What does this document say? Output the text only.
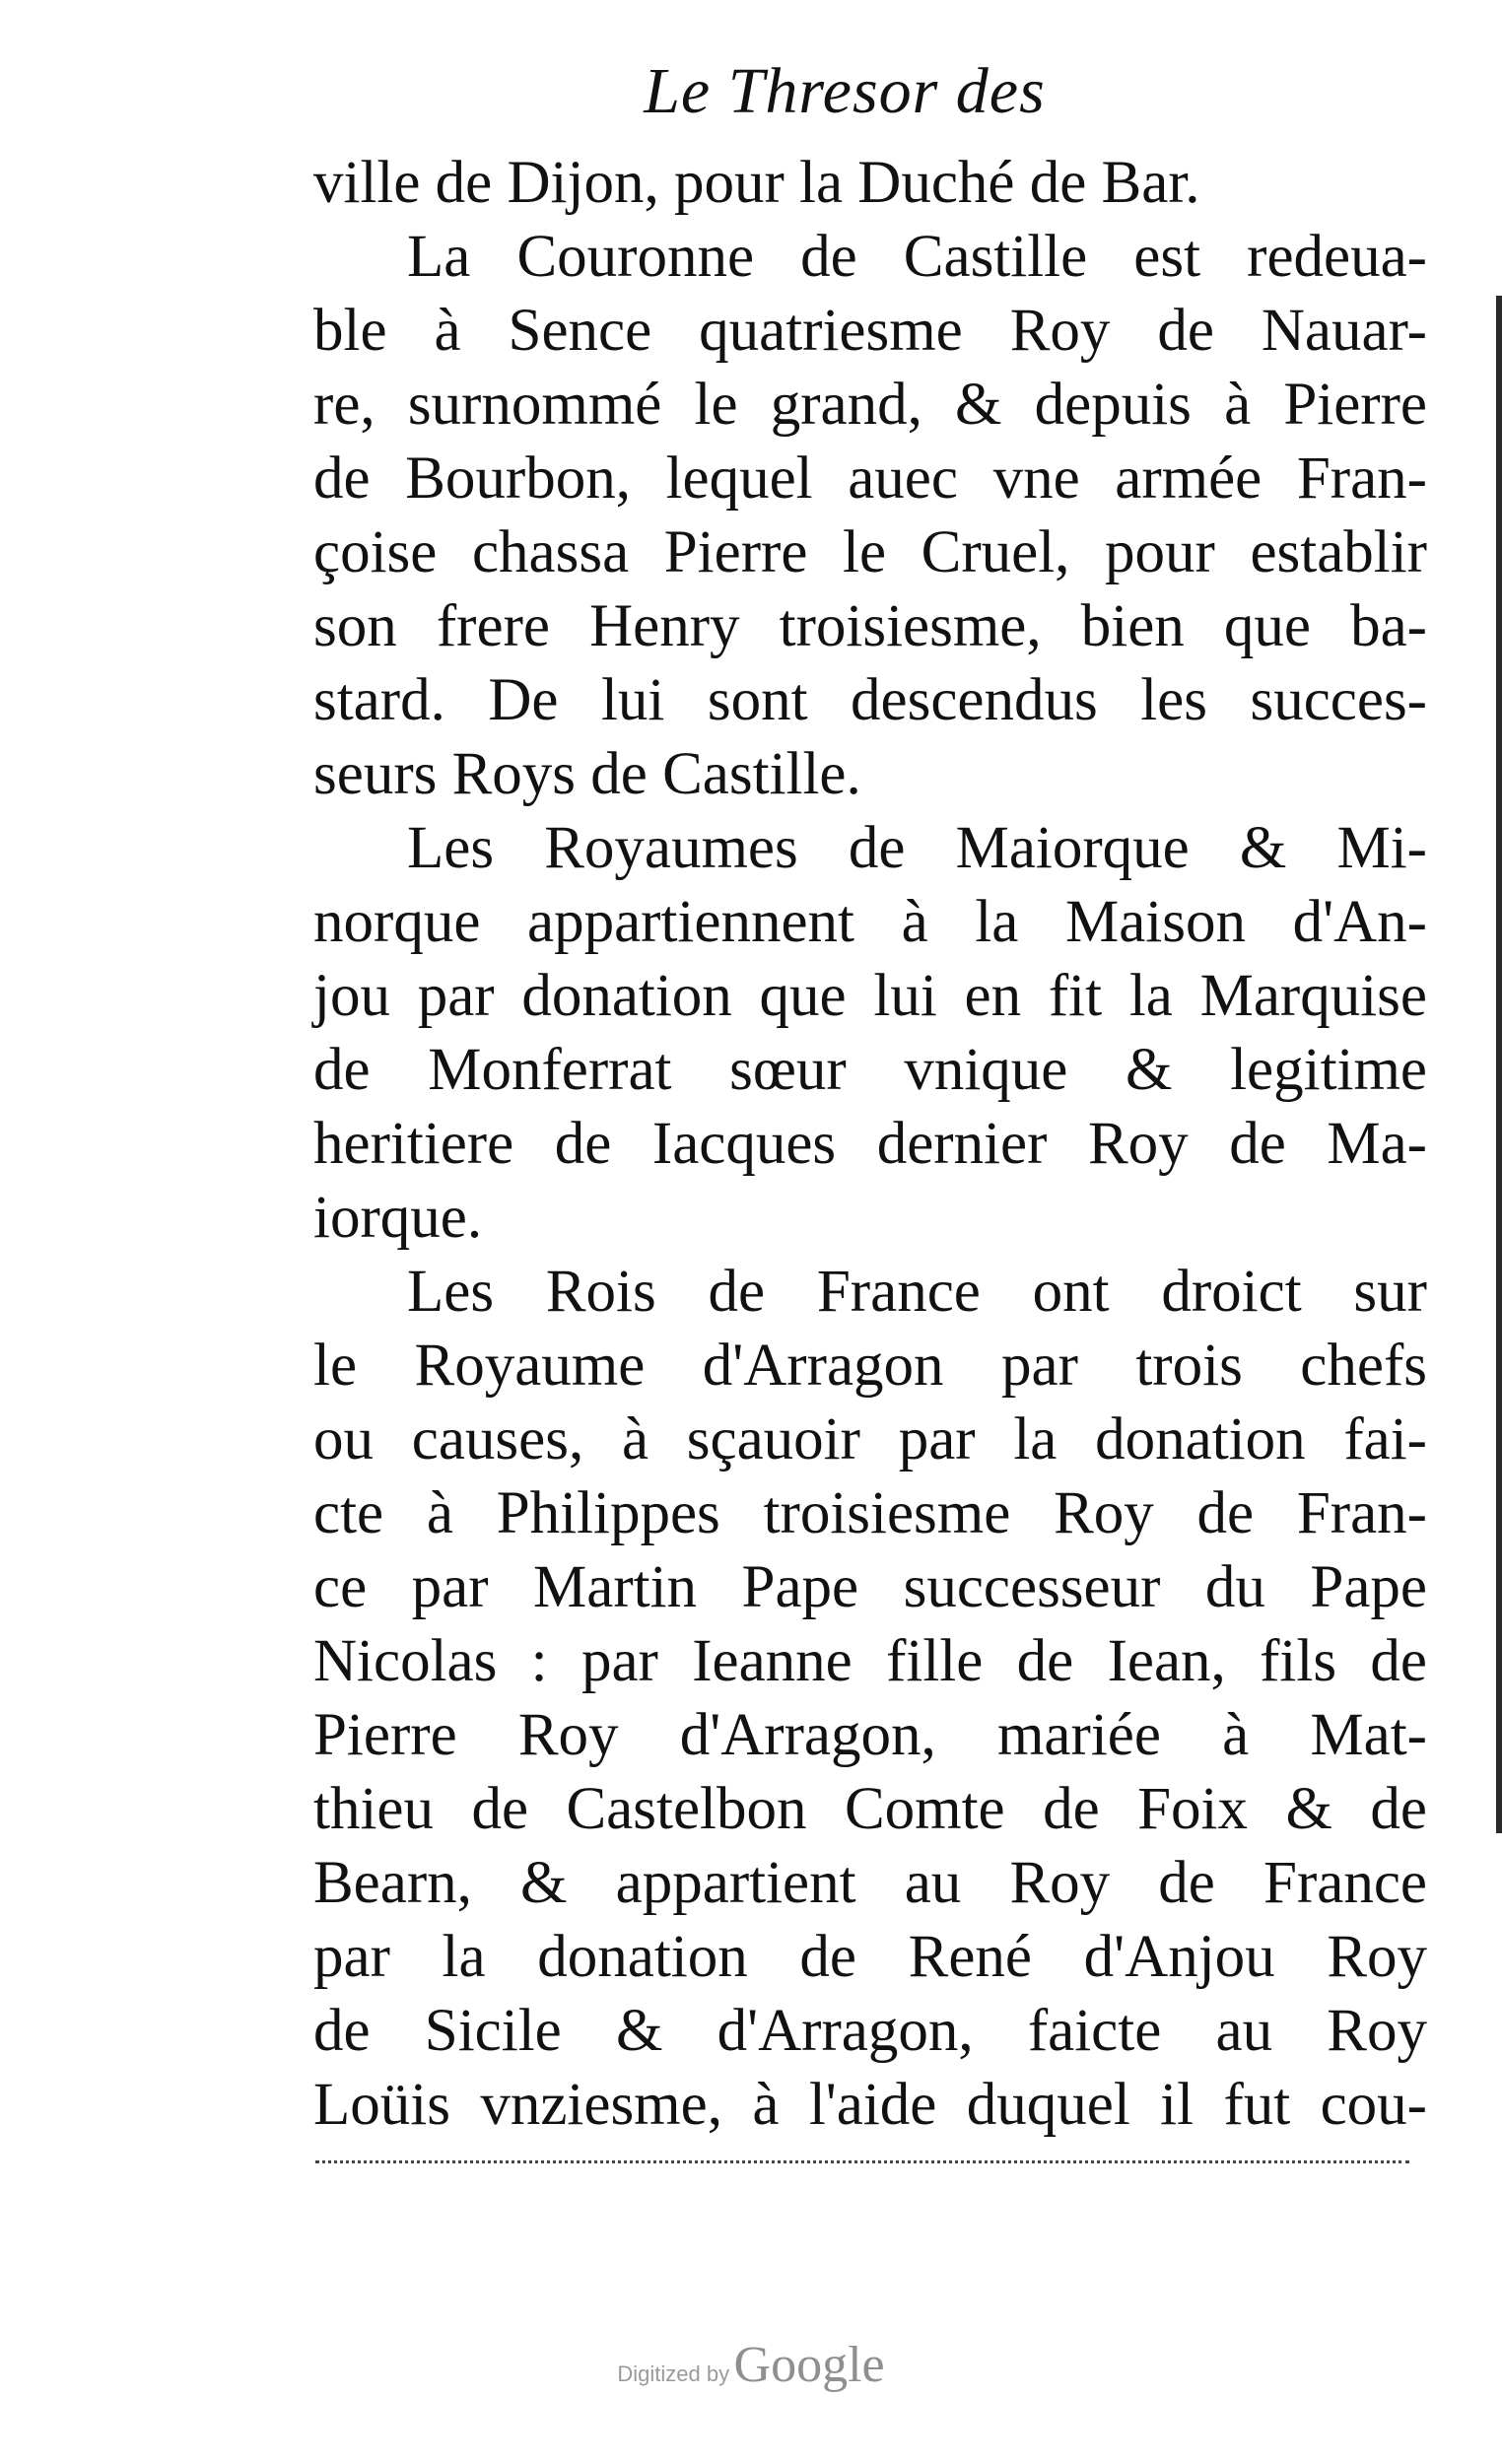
Le Thresor des
ville de Dijon, pour la Duché de Bar.
La Couronne de Castille est redeua-
ble à Sence quatriesme Roy de Nauar-
re, surnommé le grand, & depuis à Pierre
de Bourbon, lequel auec vne armée Fran-
çoise chassa Pierre le Cruel, pour establir
son frere Henry troisiesme, bien que ba-
stard. De lui sont descendus les succes-
seurs Roys de Castille.
Les Royaumes de Maiorque & Mi-
norque appartiennent à la Maison d'An-
jou par donation que lui en fit la Marquise
de Monferrat sœur vnique & legitime
heritiere de Iacques dernier Roy de Ma-
iorque.
Les Rois de France ont droict sur
le Royaume d'Arragon par trois chefs
ou causes, à sçauoir par la donation fai-
cte à Philippes troisiesme Roy de Fran-
ce par Martin Pape successeur du Pape
Nicolas : par Ieanne fille de Iean, fils de
Pierre Roy d'Arragon, mariée à Mat-
thieu de Castelbon Comte de Foix & de
Bearn, & appartient au Roy de France
par la donation de René d'Anjou Roy
de Sicile & d'Arragon, faicte au Roy
Loüis vnziesme, à l'aide duquel il fut cou-
Digitized by Google
